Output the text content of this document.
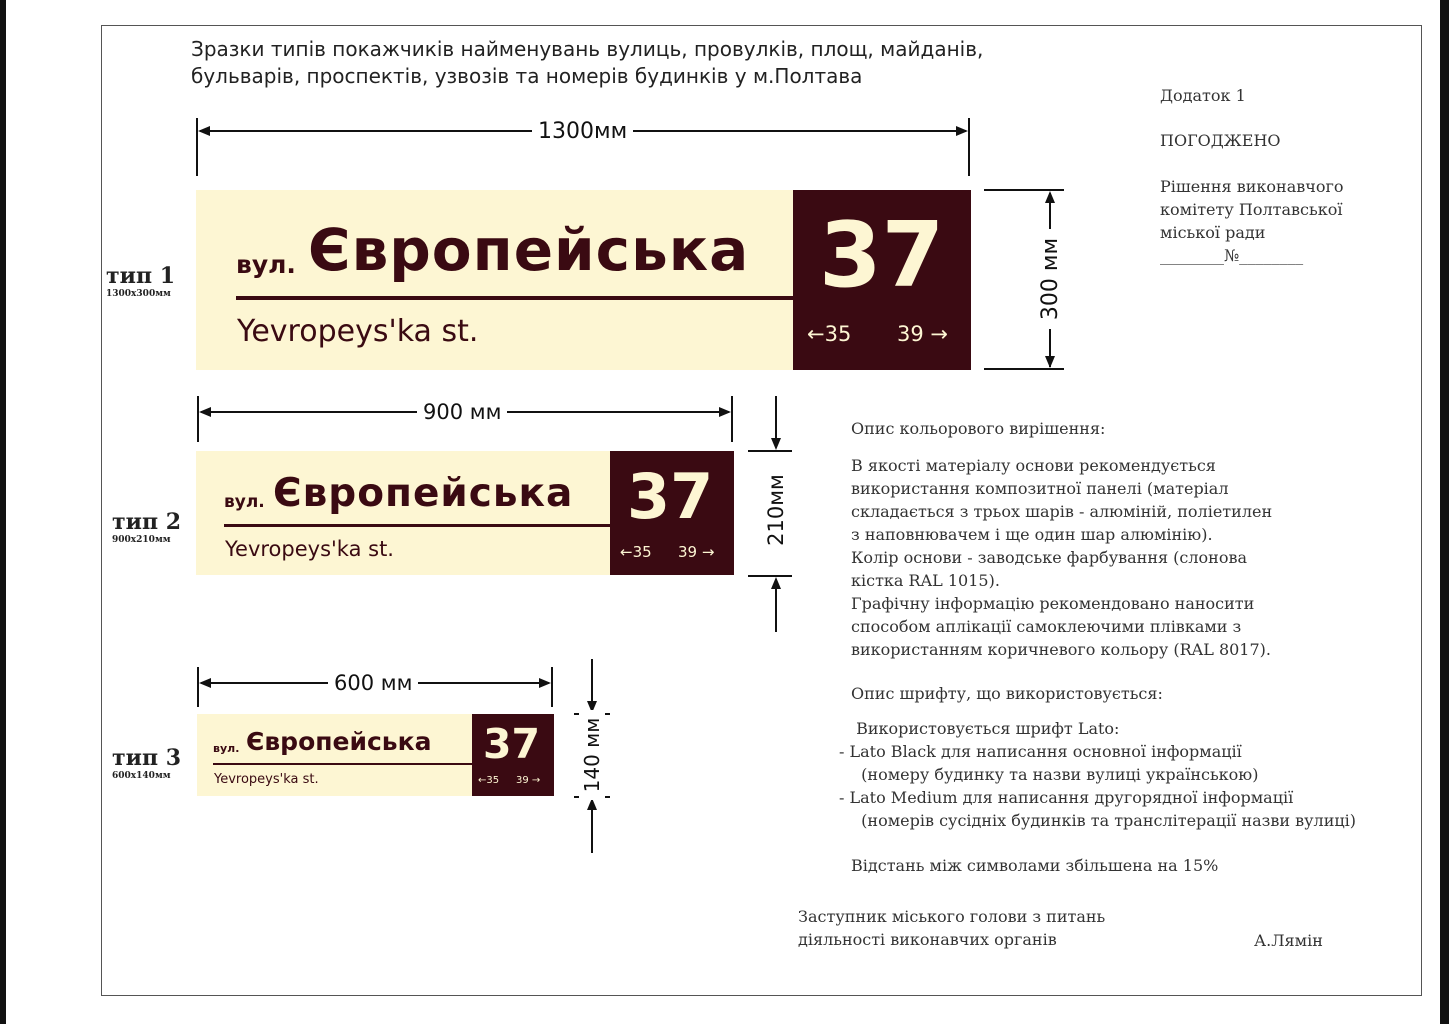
Зразки типів покажчиків найменувань вулиць, провулків, площ, майданів,
бульварів, проспектів, узвозів та номерів будинків у м.Полтава
Додаток 1
ПОГОДЖЕНО
Рішення виконавчого
комітету Полтавської
міської ради
________№________
тип 1
1300x300мм
1300мм
вул. Європейська
Yevropeys'ka st.
37
←35 39 →
300 мм
тип 2
900x210мм
900 мм
вул. Європейська
Yevropeys'ka st.
37
←35 39 →
210мм
тип 3
600x140мм
600 мм
вул. Європейська
Yevropeys'ka st.
37
←35 39 → 140 мм

Опис кольорового вирішення:

В якості матеріалу основи рекомендується

використання композитної панелі (матеріал

складається з трьох шарів - алюміній, поліетилен

з наповнювачем і ще один шар алюмінію).

Колір основи - заводське фарбування (слонова

кістка RAL 1015).

Графічну інформацію рекомендовано наносити

способом аплікації самоклеючими плівками з

використанням коричневого кольору (RAL 8017).

Опис шрифту, що використовується:

Використовується шрифт Lato:

- Lato Black для написання основної інформації

(номеру будинку та назви вулиці українською)

- Lato Medium для написання другорядної інформації

(номерів сусідніх будинків та транслітерації назви вулиці)

Відстань між символами збільшена на 15%

Заступник міського голови з питань
діяльності виконавчих органів	А.Лямін
